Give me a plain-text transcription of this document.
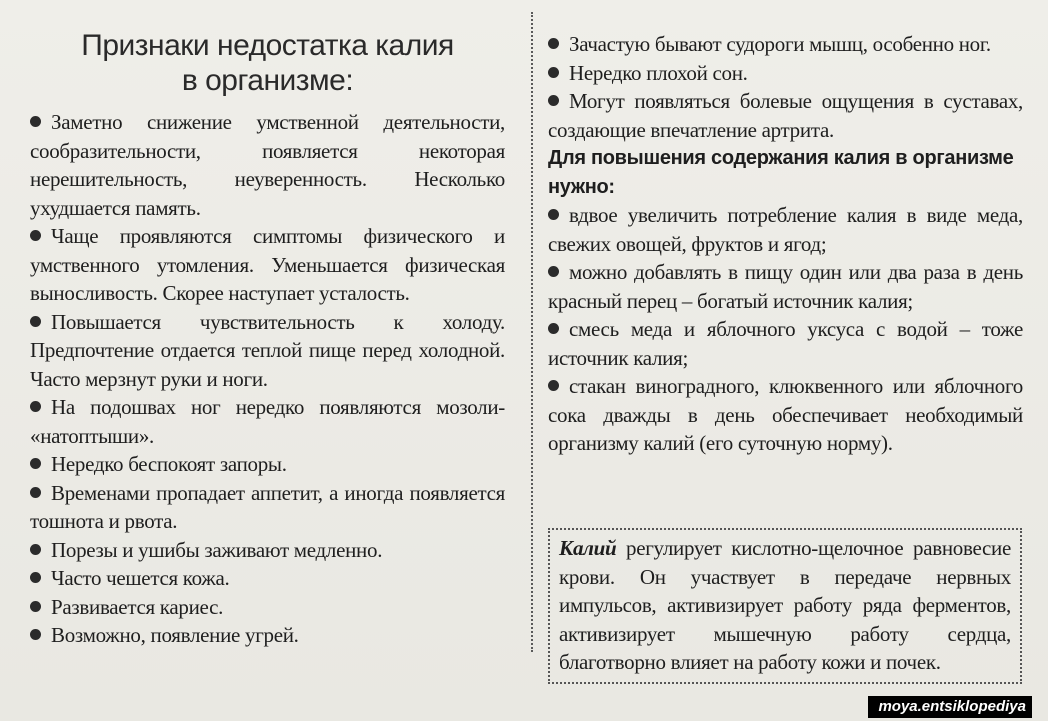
Признаки недостатка калия
в организме:

Заметно снижение умственной деятельности, сообразительности, появляется некоторая нерешительность, неуверенность. Несколько ухудшается память.

Чаще проявляются симптомы физического и умственного утомления. Уменьшается физическая выносливость. Скорее наступает усталость.

Повышается чувствительность к холоду. Предпочтение отдается теплой пище перед холодной. Часто мерзнут руки и ноги.

На подошвах ног нередко появляются мозоли- «натоптыши».

Нередко беспокоят запоры.

Временами пропадает аппетит, а иногда появляется тошнота и рвота.

Порезы и ушибы заживают медленно.

Часто чешется кожа.

Развивается кариес.

Возможно, появление угрей.

Зачастую бывают судороги мышц, особенно ног.

Нередко плохой сон.

Могут появляться болевые ощущения в суставах, создающие впечатление артрита.

Для повышения содержания калия в организме нужно:

вдвое увеличить потребление калия в виде меда, свежих овощей, фруктов и ягод;

можно добавлять в пищу один или два раза в день красный перец – богатый источник калия;

смесь меда и яблочного уксуса с водой – тоже источник калия;

стакан виноградного, клюквенного или яблочного сока дважды в день обеспечивает необходимый организму калий (его суточную норму).

Калий регулирует кислотно-щелочное равновесие крови. Он участвует в передаче нервных импульсов, активизирует работу ряда ферментов, активизирует мышечную работу сердца, благотворно влияет на работу кожи и почек.

moya.entsiklopediya
